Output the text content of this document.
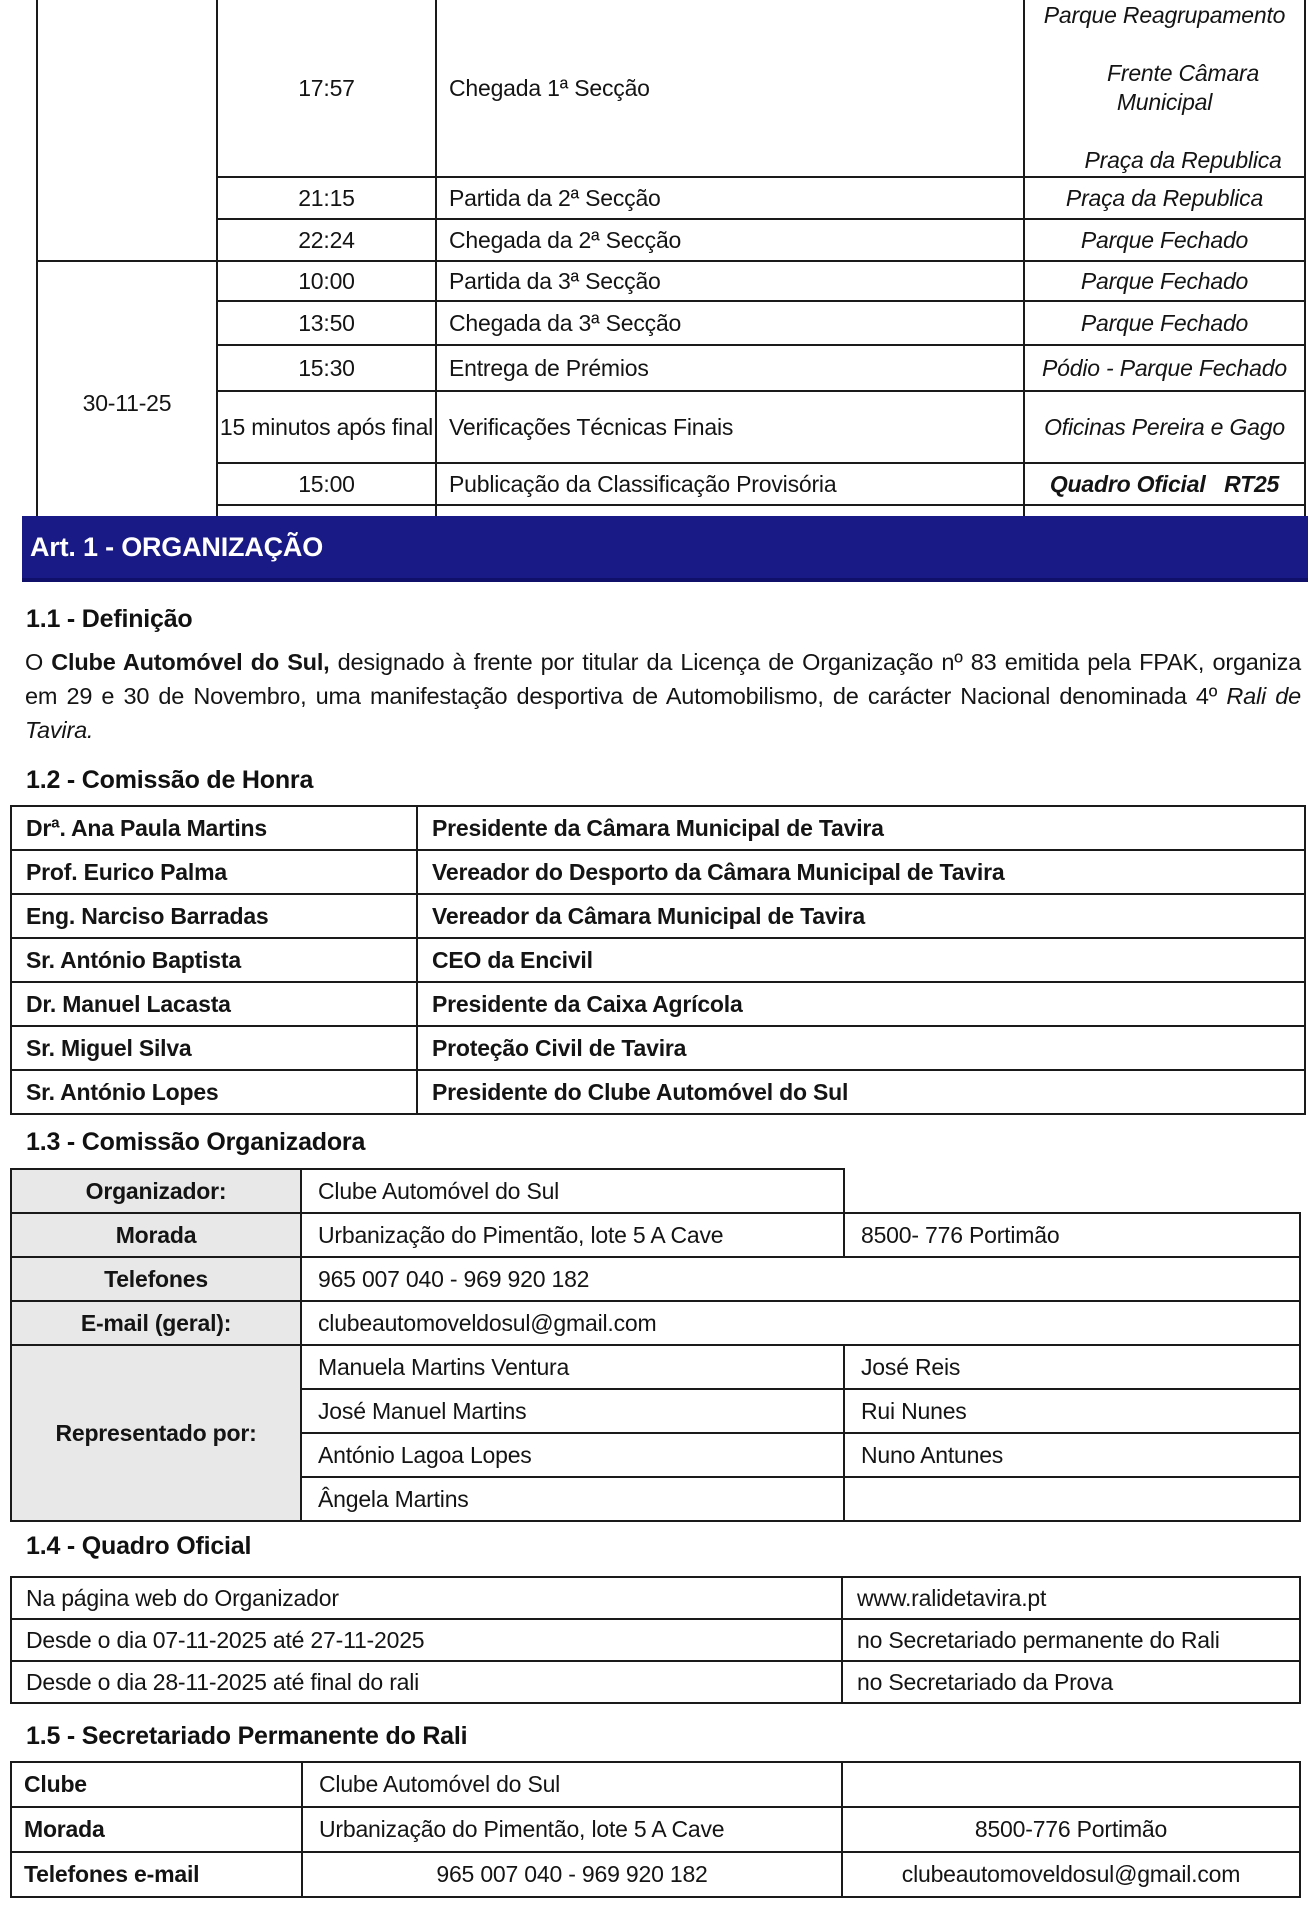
	17:57	Chegada 1ª Secção	Parque Reagrupamento

Frente Câmara Municipal

Praça da Republica
	21:15	Partida da 2ª Secção	Praça da Republica
	22:24	Chegada da 2ª Secção	Parque Fechado
30-11-25	10:00	Partida da 3ª Secção	Parque Fechado
	13:50	Chegada da 3ª Secção	Parque Fechado
	15:30	Entrega de Prémios	Pódio - Parque Fechado
	15 minutos após final	Verificações Técnicas Finais	Oficinas Pereira e Gago
	15:00	Publicação da Classificação Provisória	Quadro Oficial   RT25

Art. 1 - ORGANIZAÇÃO
1.1 - Definição
O Clube Automóvel do Sul, designado à frente por titular da Licença de Organização nº 83 emitida pela FPAK, organiza em 29 e 30 de Novembro, uma manifestação desportiva de Automobilismo, de carácter Nacional denominada 4º Rali de Tavira.
1.2 - Comissão de Honra
Drª. Ana Paula Martins	Presidente da Câmara Municipal de Tavira
Prof. Eurico Palma	Vereador do Desporto da Câmara Municipal de Tavira
Eng. Narciso Barradas	Vereador da Câmara Municipal de Tavira
Sr. António Baptista	CEO da Encivil
Dr. Manuel Lacasta	Presidente da Caixa Agrícola
Sr. Miguel Silva	Proteção Civil de Tavira
Sr. António Lopes	Presidente do Clube Automóvel do Sul
1.3 - Comissão Organizadora
Organizador:	Clube Automóvel do Sul	
Morada	Urbanização do Pimentão, lote 5 A Cave	8500- 776 Portimão
Telefones	965 007 040 - 969 920 182	
E-mail (geral):	clubeautomoveldosul@gmail.com	
Representado por:	Manuela Martins Ventura	José Reis
	José Manuel Martins	Rui Nunes
	António Lagoa Lopes	Nuno Antunes
	Ângela Martins	
1.4 - Quadro Oficial
Na página web do Organizador	www.ralidetavira.pt
Desde o dia 07-11-2025 até 27-11-2025	no Secretariado permanente do Rali
Desde o dia 28-11-2025 até final do rali	no Secretariado da Prova
1.5 - Secretariado Permanente do Rali
Clube	Clube Automóvel do Sul	
Morada	Urbanização do Pimentão, lote 5 A Cave	8500-776 Portimão
Telefones e-mail	965 007 040 - 969 920 182	clubeautomoveldosul@gmail.com
